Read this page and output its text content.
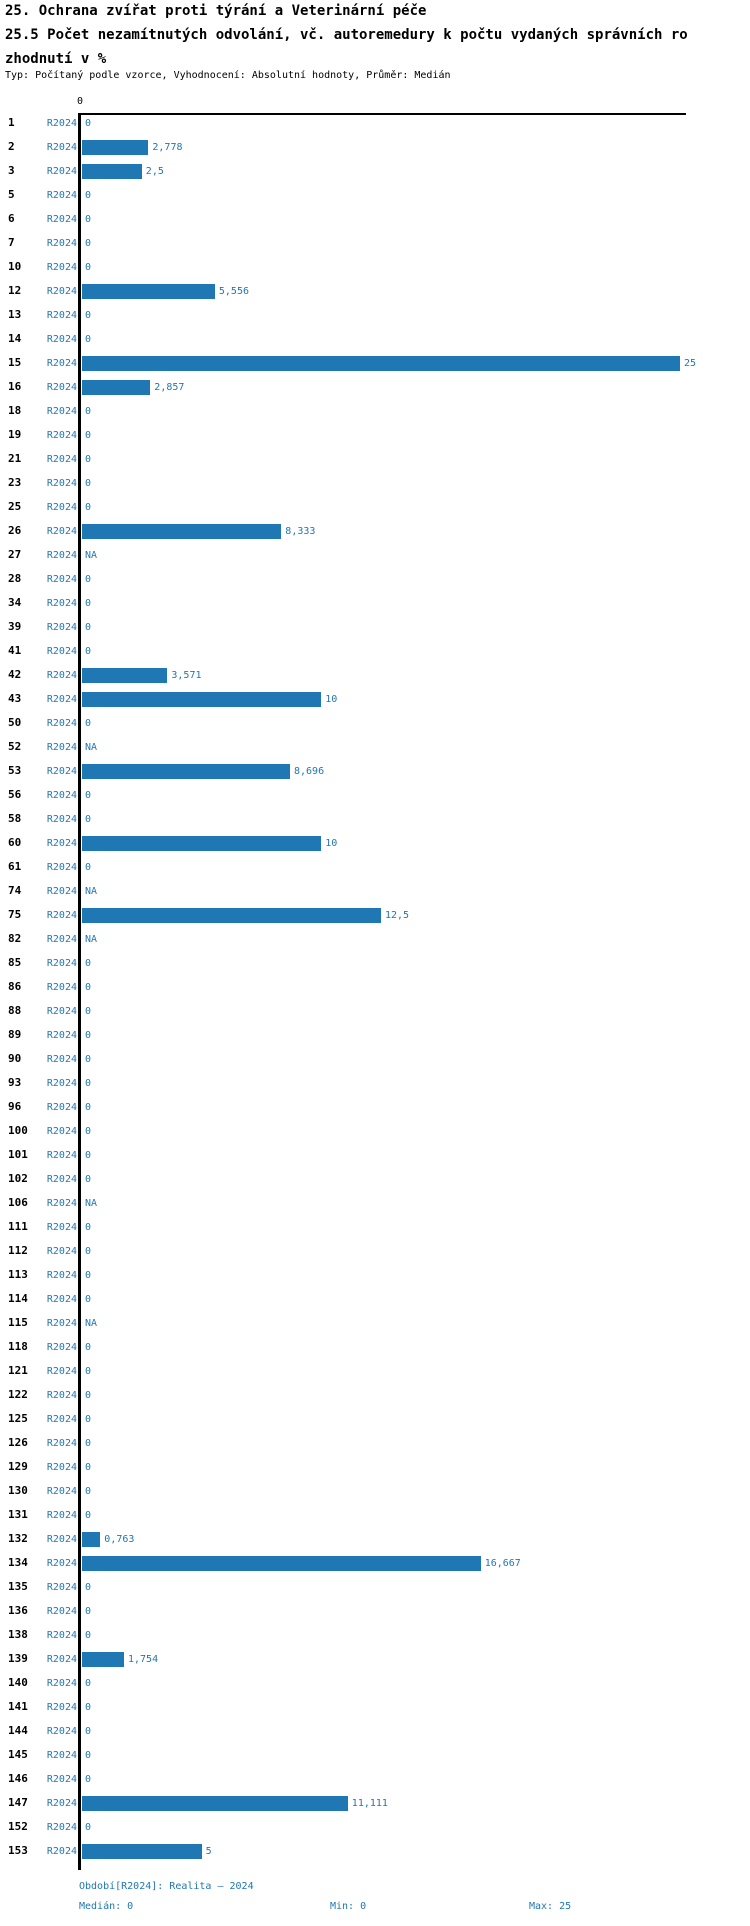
25. Ochrana zvířat proti týrání a Veterinární péče
25.5 Počet nezamítnutých odvolání, vč. autoremedury k počtu vydaných správních ro
zhodnutí v %
Typ: Počítaný podle vzorce, Vyhodnocení: Absolutní hodnoty, Průměr: Medián
0
1	R2024 0
2	R2024	2,778
3	R2024	2,5
5	R2024 0
6	R2024 0
7	R2024 0
10	R2024 0
12	R2024	5,556
13	R2024 0
14	R2024 0
15	R2024	25
16	R2024	2,857
18	R2024 0
19	R2024 0
21	R2024 0
23	R2024 0
25	R2024 0
26	R2024	8,333
27	R2024 NA
28	R2024 0
34	R2024 0
39	R2024 0
41	R2024 0
42	R2024	3,571
43	R2024	10
50	R2024 0
52	R2024 NA
53	R2024	8,696
56	R2024 0
58	R2024 0
60	R2024	10
61	R2024 0
74	R2024 NA
75	R2024	12,5
82	R2024 NA
85	R2024 0
86	R2024 0
88	R2024 0
89	R2024 0
90	R2024 0
93	R2024 0
96	R2024 0
100	R2024 0
101	R2024 0
102	R2024 0
106	R2024 NA
111	R2024 0
112	R2024 0
113	R2024 0
114	R2024 0
115	R2024 NA
118	R2024 0
121	R2024 0
122	R2024 0
125	R2024 0
126	R2024 0
129	R2024 0
130	R2024 0
131	R2024 0
132	R2024	0,763
134	R2024	16,667
135	R2024 0
136	R2024 0
138	R2024 0
139	R2024	1,754
140	R2024 0
141	R2024 0
144	R2024 0
145	R2024 0
146	R2024 0
147	R2024	11,111
152	R2024 0
153	R2024	5
Období[R2024]: Realita – 2024
Medián: 0	Min: 0	Max: 25
